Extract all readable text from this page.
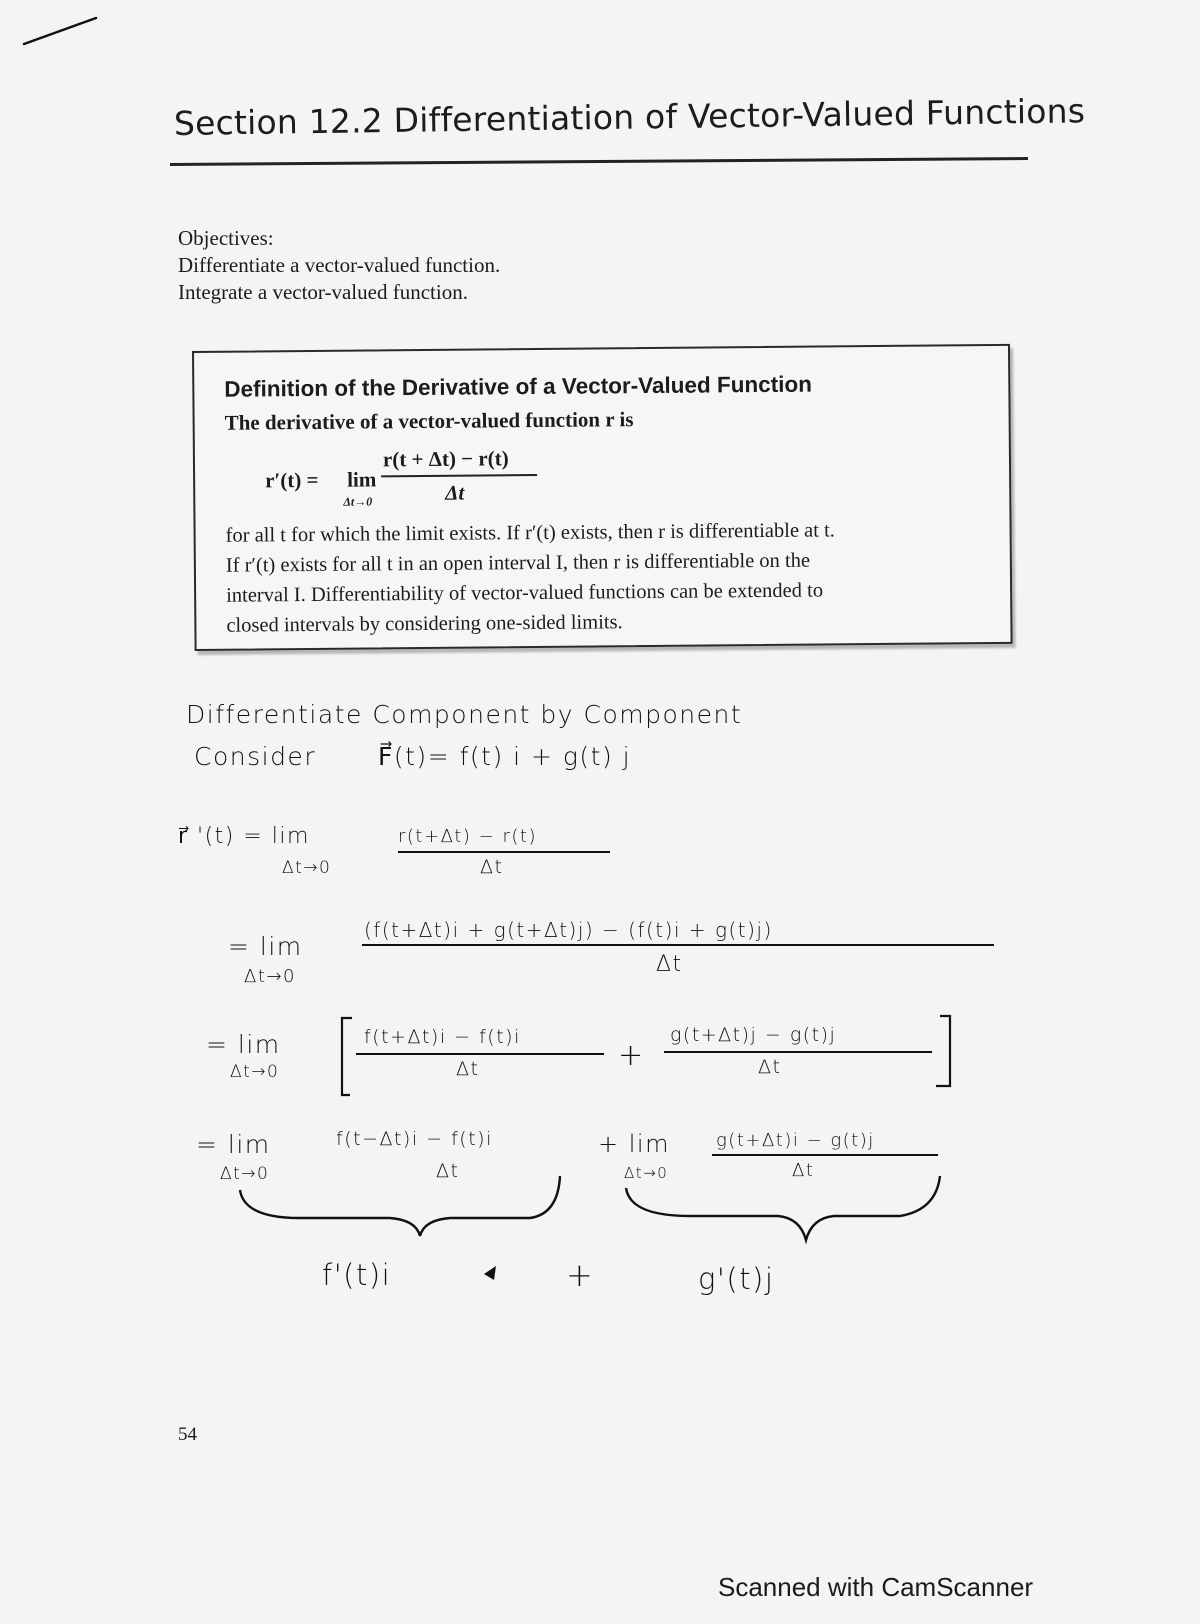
Section 12.2 Differentiation of Vector-Valued Functions
Objectives:
Differentiate a vector-valued function.
Integrate a vector-valued function.
Definition of the Derivative of a Vector-Valued Function
The derivative of a vector-valued function r is
r′(t) = lim
Δt→0
r(t + Δt) − r(t)
Δt
for all t for which the limit exists. If r′(t) exists, then r is differentiable at t.
If r′(t) exists for all t in an open interval I, then r is differentiable on the
interval I. Differentiability of vector-valued functions can be extended to
closed intervals by considering one-sided limits.
Differentiate Component by Component
Consider F⃗(t)= f(t) i + g(t) j
r⃗ '(t) = lim
Δt→0
r(t+Δt) − r(t)
Δt
= lim
Δt→0
(f(t+Δt)i + g(t+Δt)j) − (f(t)i + g(t)j)
Δt
= lim
Δt→0
f(t+Δt)i − f(t)i
Δt	+
g(t+Δt)j − g(t)j
Δt
= lim
Δt→0
f(t−Δt)i − f(t)i
Δt
+ lim
Δt→0
g(t+Δt)i − g(t)j
Δt
f'(t)i	+	g'(t)j
54
Scanned with CamScanner
